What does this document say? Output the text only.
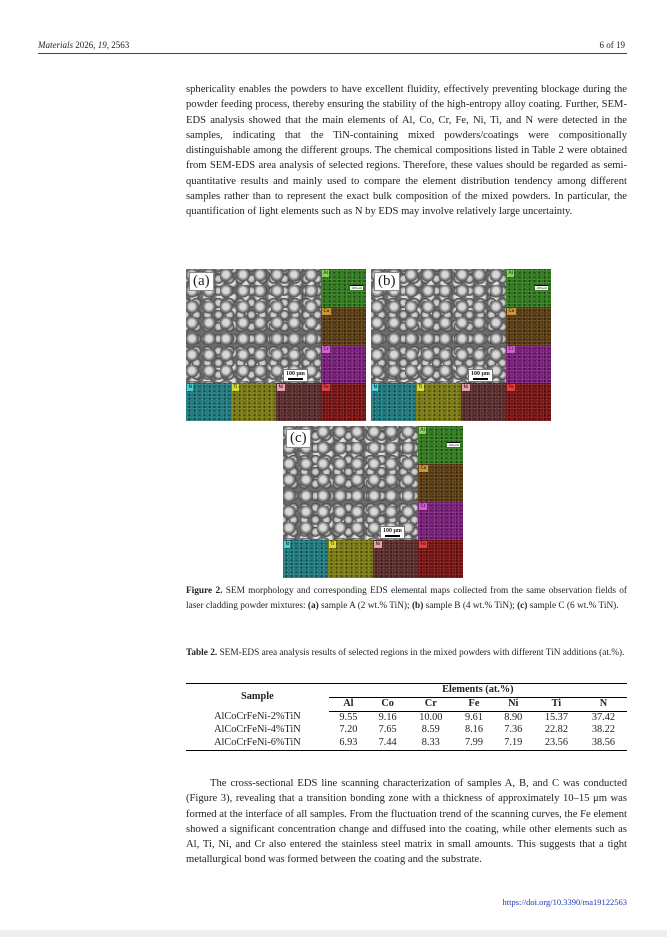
Materials 2026, 19, 2563	6 of 19

sphericality enables the powders to have excellent fluidity, effectively preventing blockage during the powder feeding process, thereby ensuring the stability of the high-entropy alloy coating. Further, SEM-EDS analysis showed that the main elements of Al, Co, Cr, Fe, Ni, Ti, and N were detected in the samples, indicating that the TiN-containing mixed powders/coatings were compositionally distinguishable among the different groups. The chemical compositions listed in Table 2 were obtained from SEM-EDS area analysis of selected regions. Therefore, these values should be regarded as semi-quantitative results and mainly used to compare the element distribution tendency among different samples rather than to represent the exact bulk composition of the mixed powders. In particular, the quantification of light elements such as N by EDS may involve relatively large uncertainty.

(a)
100 μm
Al
100 μm
Co
Cr
N	Ti	Ni	Fe
(b)
100 μm
Al
100 μm
Co
Cr
N	Ti	Ni	Fe
(c)
100 μm
Al
100 μm
Co
Cr
N	Ti	Ni	Fe

Figure 2. SEM morphology and corresponding EDS elemental maps collected from the same observation fields of laser cladding powder mixtures: (a) sample A (2 wt.% TiN); (b) sample B (4 wt.% TiN); (c) sample C (6 wt.% TiN).

Table 2. SEM-EDS area analysis results of selected regions in the mixed powders with different TiN additions (at.%).

Sample	Elements (at.%)						
	Al	Co	Cr	Fe	Ni	Ti	N
AlCoCrFeNi-2%TiN	9.55	9.16	10.00	9.61	8.90	15.37	37.42
AlCoCrFeNi-4%TiN	7.20	7.65	8.59	8.16	7.36	22.82	38.22
AlCoCrFeNi-6%TiN	6.93	7.44	8.33	7.99	7.19	23.56	38.56

The cross-sectional EDS line scanning characterization of samples A, B, and C was conducted (Figure 3), revealing that a transition bonding zone with a thickness of approximately 10–15 μm was formed at the interface of all samples. From the fluctuation trend of the scanning curves, the Fe element showed a significant concentration change and diffused into the coating, while other elements such as Al, Ti, Ni, and Cr also entered the stainless steel matrix in small amounts. This suggests that a tight metallurgical bond was formed between the coating and the substrate.

https://doi.org/10.3390/ma19122563
